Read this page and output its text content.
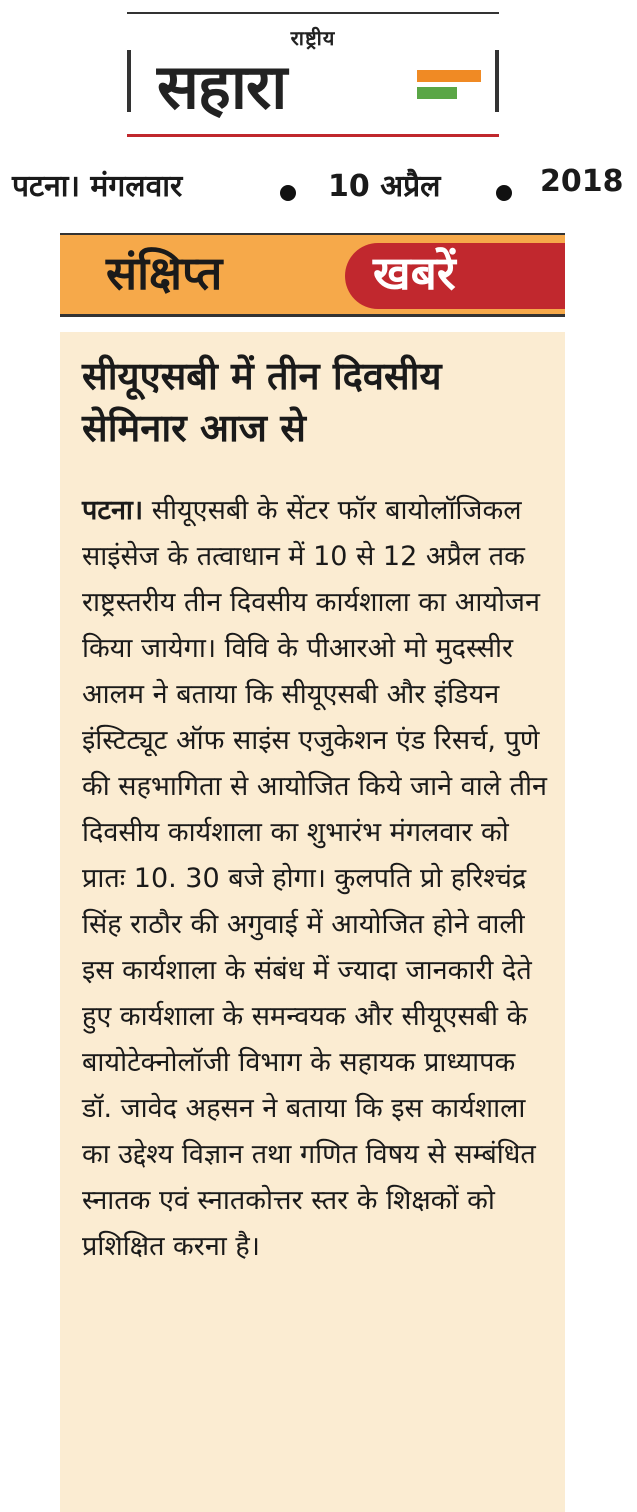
राष्ट्रीय
सहारा
पटना। मंगलवार	10 अप्रैल	2018
संक्षिप्त	खबरें
सीयूएसबी में तीन दिवसीय सेमिनार आज से
पटना। सीयूएसबी के सेंटर फॉर बायोलॉजिकल साइंसेज के तत्वाधान में 10 से 12 अप्रैल तक राष्ट्रस्तरीय तीन दिवसीय कार्यशाला का आयोजन किया जायेगा। विवि के पीआरओ मो मुदस्सीर आलम ने बताया कि सीयूएसबी और इंडियन इंस्टिट्यूट ऑफ साइंस एजुकेशन एंड रिसर्च, पुणे की सहभागिता से आयोजित किये जाने वाले तीन दिवसीय कार्यशाला का शुभारंभ मंगलवार को प्रातः 10. 30 बजे होगा। कुलपति प्रो हरिश्चंद्र सिंह राठौर की अगुवाई में आयोजित होने वाली इस कार्यशाला के संबंध में ज्यादा जानकारी देते हुए कार्यशाला के समन्वयक और सीयूएसबी के बायोटेक्नोलॉजी विभाग के सहायक प्राध्यापक डॉ. जावेद अहसन ने बताया कि इस कार्यशाला का उद्देश्य विज्ञान तथा गणित विषय से सम्बंधित स्नातक एवं स्नातकोत्तर स्तर के शिक्षकों को प्रशिक्षित करना है।
